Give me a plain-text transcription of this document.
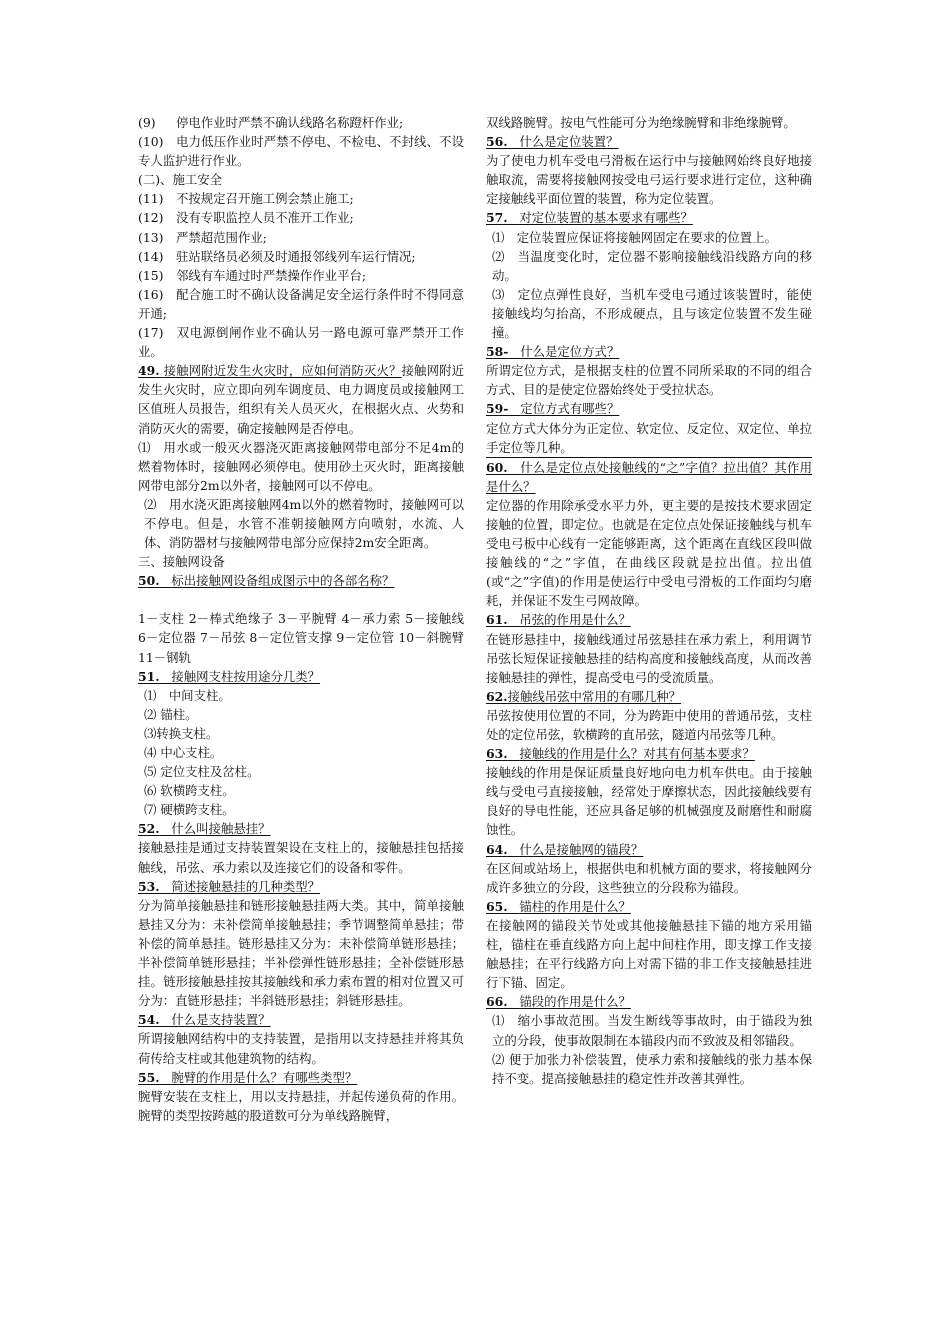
(9) 停电作业时严禁不确认线路名称蹬杆作业;

(10) 电力低压作业时严禁不停电、不检电、不封线、不设专人监护进行作业。

(二)、施工安全

(11) 不按规定召开施工例会禁止施工;

(12) 没有专职监控人员不准开工作业;

(13) 严禁超范围作业;

(14) 驻站联络员必须及时通报邻线列车运行情况;

(15) 邻线有车通过时严禁操作作业平台;

(16) 配合施工时不确认设备满足安全运行条件时不得同意开通;

(17) 双电源倒闸作业不确认另一路电源可靠严禁开工作业。

49. 接触网附近发生火灾时，应如何消防灭火？接触网附近发生火灾时，应立即向列车调度员、电力调度员或接触网工区值班人员报告，组织有关人员灭火，在根据火点、火势和消防灭火的需要，确定接触网是否停电。

⑴　用水或一般灭火器浇灭距离接触网带电部分不足4m的燃着物体时，接触网必须停电。使用砂土灭火时，距离接触网带电部分2m以外者，接触网可以不停电。

⑵　用水浇灭距离接触网4m以外的燃着物时，接触网可以不停电。但是，水管不准朝接触网方向喷射，水流、人体、消防器材与接触网带电部分应保持2m安全距离。

三、接触网设备

50. 标出接触网设备组成图示中的各部名称？

1－支柱 2－棒式绝缘子 3－平腕臂 4－承力索 5－接触线 6－定位器 7－吊弦 8－定位管支撑 9－定位管 10－斜腕臂 11－钢轨

51. 接触网支柱按用途分几类？

⑴　中间支柱。

⑵ 锚柱。

⑶转换支柱。

⑷ 中心支柱。

⑸ 定位支柱及岔柱。

⑹ 软横跨支柱。

⑺ 硬横跨支柱。

52. 什么叫接触悬挂？

接触悬挂是通过支持装置架设在支柱上的，接触悬挂包括接触线，吊弦、承力索以及连接它们的设备和零件。

53. 简述接触悬挂的几种类型？

分为简单接触悬挂和链形接触悬挂两大类。其中，简单接触悬挂又分为：未补偿简单接触悬挂；季节调整简单悬挂；带补偿的简单悬挂。链形悬挂又分为：未补偿简单链形悬挂；半补偿简单链形悬挂；半补偿弹性链形悬挂；全补偿链形悬挂。链形接触悬挂按其接触线和承力索布置的相对位置又可分为：直链形悬挂；半斜链形悬挂；斜链形悬挂。

54. 什么是支持装置？

所谓接触网结构中的支持装置，是指用以支持悬挂并将其负荷传给支柱或其他建筑物的结构。

55. 腕臂的作用是什么？有哪些类型？

腕臂安装在支柱上，用以支持悬挂，并起传递负荷的作用。腕臂的类型按跨越的股道数可分为单线路腕臂，

双线路腕臂。按电气性能可分为绝缘腕臂和非绝缘腕臂。

56. 什么是定位装置？

为了使电力机车受电弓滑板在运行中与接触网始终良好地接触取流，需要将接触网按受电弓运行要求进行定位，这种确定接触线平面位置的装置，称为定位装置。

57. 对定位装置的基本要求有哪些？

⑴　定位装置应保证将接触网固定在要求的位置上。

⑵　当温度变化时，定位器不影响接触线沿线路方向的移动。

⑶　定位点弹性良好，当机车受电弓通过该装置时，能使接触线均匀抬高，不形成硬点，且与该定位装置不发生碰撞。

58- 什么是定位方式？

所谓定位方式，是根据支柱的位置不同所采取的不同的组合方式、目的是使定位器始终处于受拉状态。

59- 定位方式有哪些？

定位方式大体分为正定位、软定位、反定位、双定位、单拉手定位等几种。

60. 什么是定位点处接触线的“之”字值？拉出值？其作用是什么？

定位器的作用除承受水平力外，更主要的是按技术要求固定接触的位置，即定位。也就是在定位点处保证接触线与机车受电弓板中心线有一定能够距离，这个距离在直线区段叫做接触线的“之”字值，在曲线区段就是拉出值。拉出值(或“之”字值)的作用是使运行中受电弓滑板的工作面均匀磨耗，并保证不发生弓网故障。

61. 吊弦的作用是什么？

在链形悬挂中，接触线通过吊弦悬挂在承力索上，利用调节吊弦长短保证接触悬挂的结构高度和接触线高度，从而改善接触悬挂的弹性，提高受电弓的受流质量。

62.接触线吊弦中常用的有哪几种？

吊弦按使用位置的不同，分为跨距中使用的普通吊弦，支柱处的定位吊弦，软横跨的直吊弦，隧道内吊弦等几种。

63. 接触线的作用是什么？对其有何基本要求？

接触线的作用是保证质量良好地向电力机车供电。由于接触线与受电弓直接接触，经常处于摩擦状态，因此接触线要有良好的导电性能，还应具备足够的机械强度及耐磨性和耐腐蚀性。

64. 什么是接触网的锚段？

在区间或站场上，根据供电和机械方面的要求，将接触网分成许多独立的分段，这些独立的分段称为锚段。

65. 锚柱的作用是什么？

在接触网的锚段关节处或其他接触悬挂下锚的地方采用锚柱，锚柱在垂直线路方向上起中间柱作用，即支撑工作支接触悬挂；在平行线路方向上对需下锚的非工作支接触悬挂进行下锚、固定。

66. 锚段的作用是什么？

⑴　缩小事故范围。当发生断线等事故时，由于锚段为独立的分段，使事故限制在本锚段内而不致波及相邻锚段。

⑵ 便于加张力补偿装置，使承力索和接触线的张力基本保持不变。提高接触悬挂的稳定性并改善其弹性。
